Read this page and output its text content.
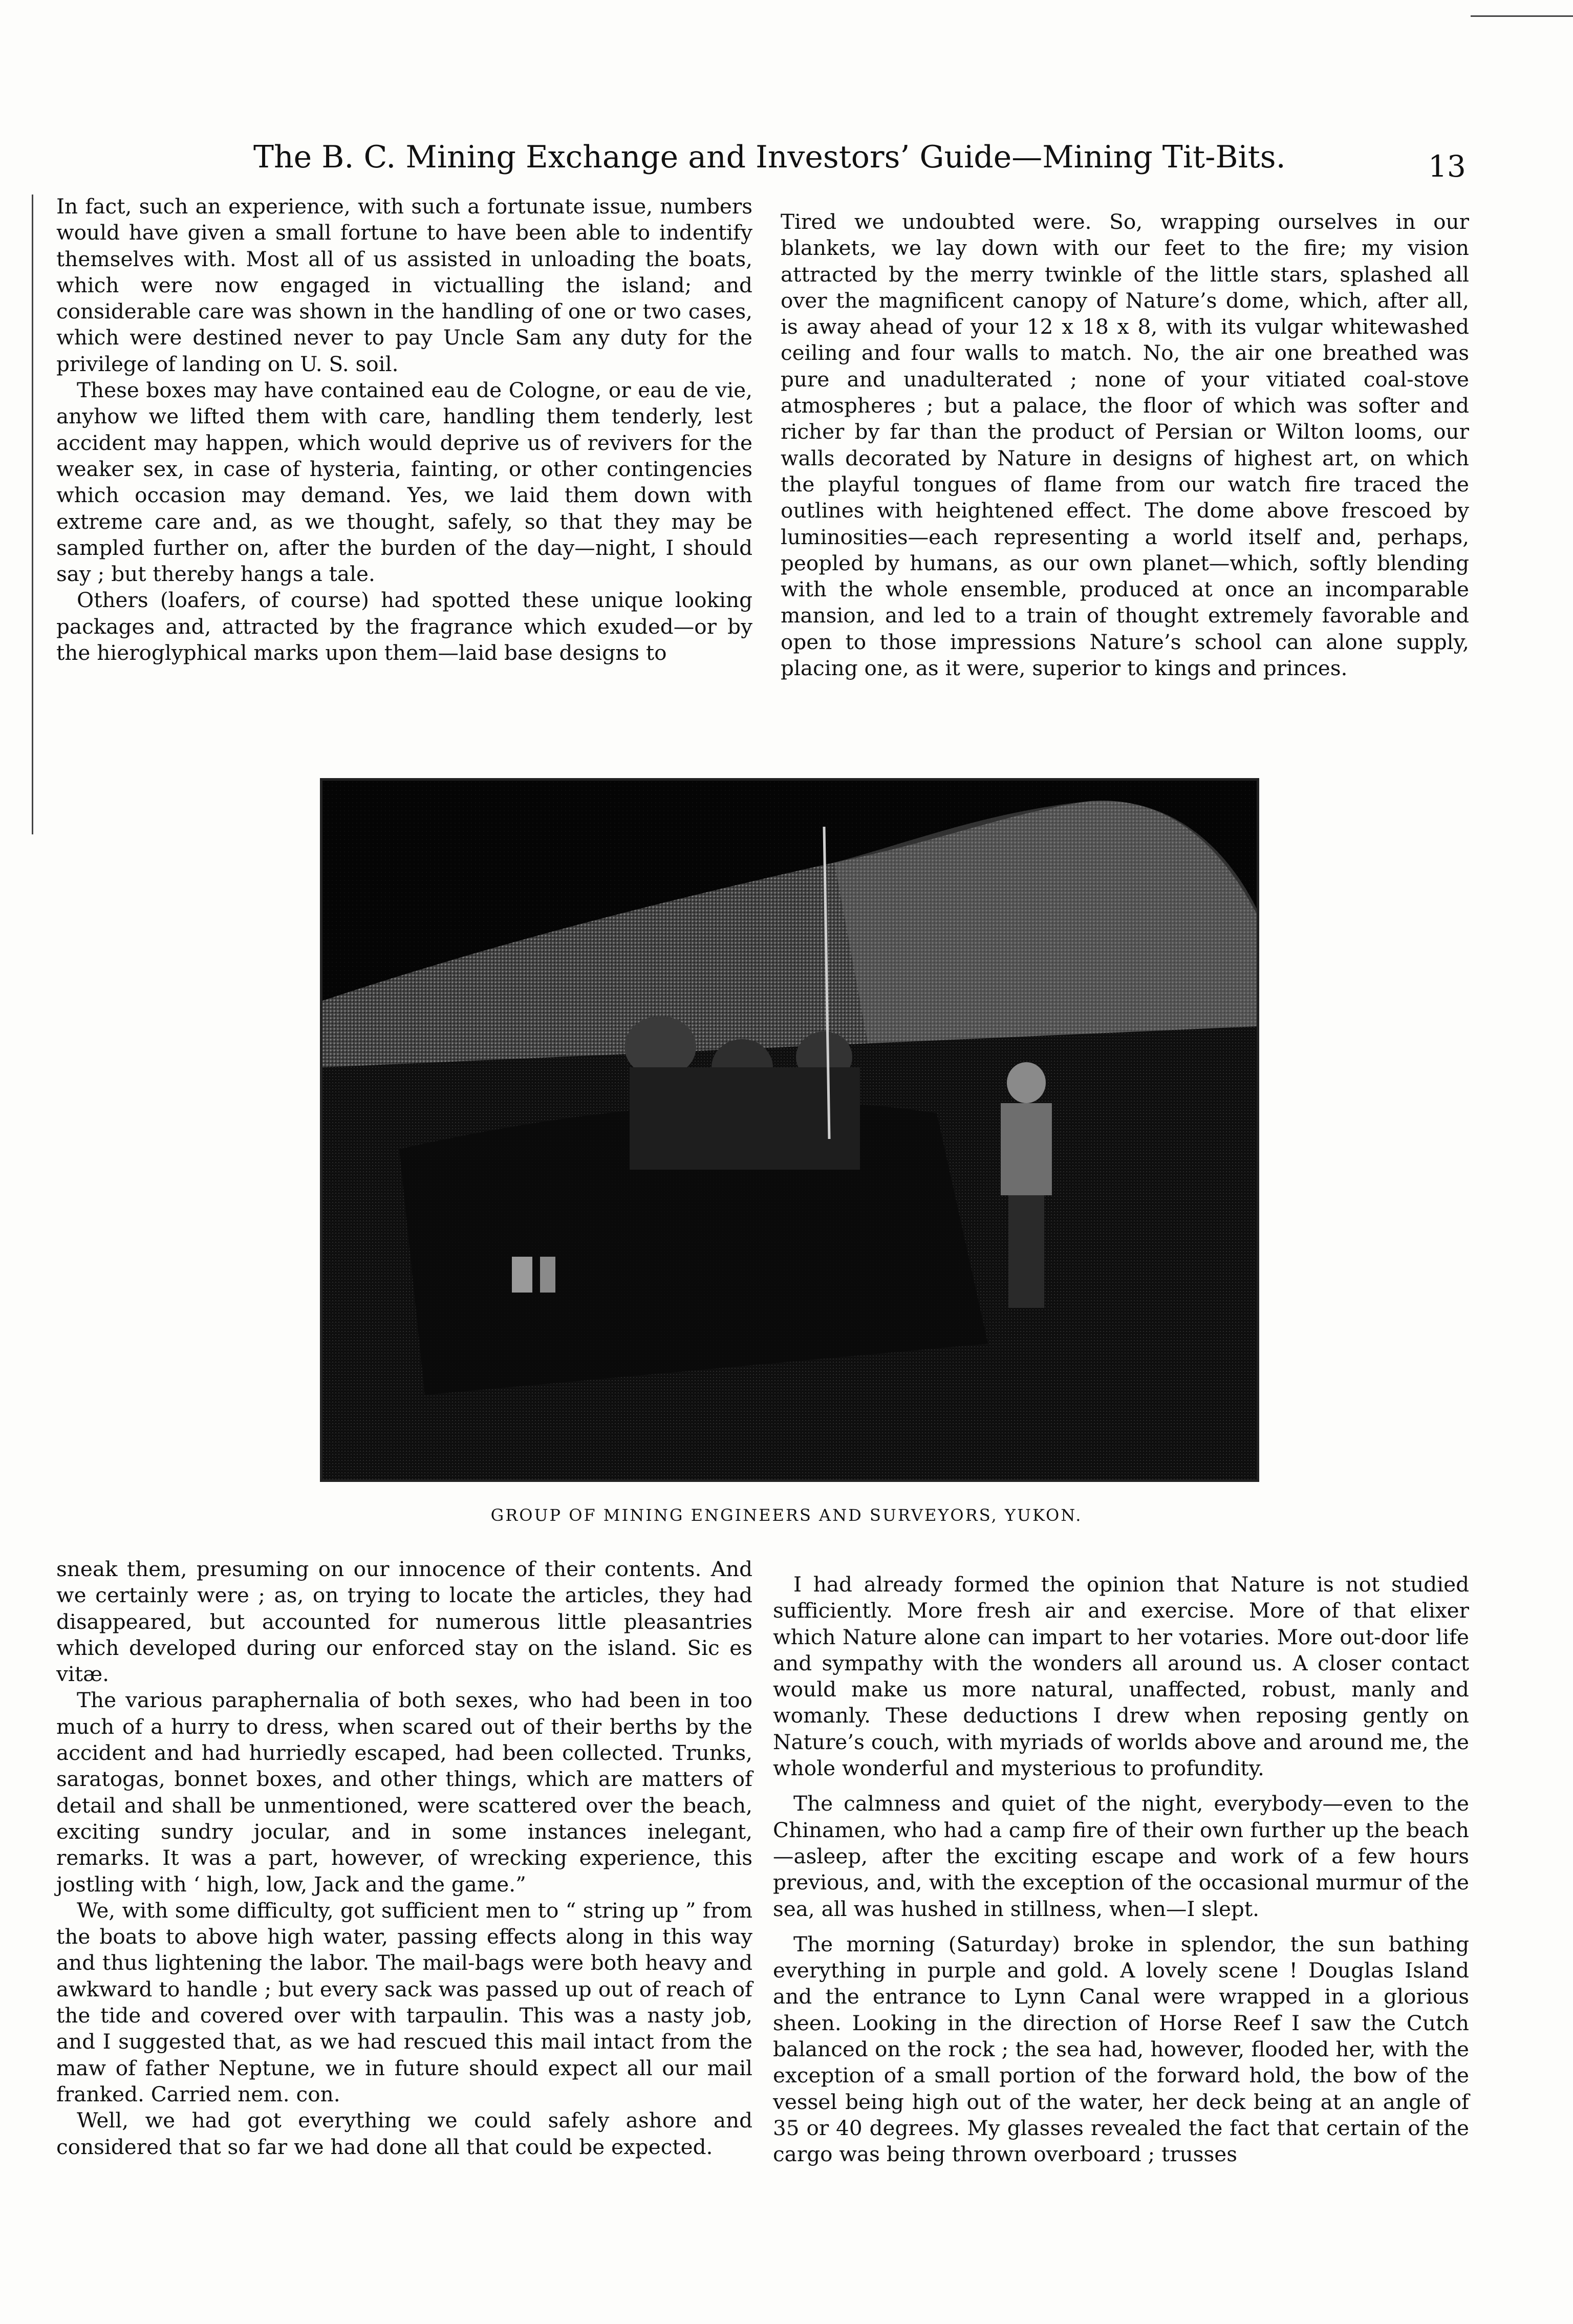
The B. C. Mining Exchange and Investors’ Guide—Mining Tit-Bits.	13

In fact, such an experience, with such a fortunate issue, numbers would have given a small fortune to have been able to indentify themselves with. Most all of us assisted in unloading the boats, which were now engaged in victualling the island; and considerable care was shown in the handling of one or two cases, which were destined never to pay Uncle Sam any duty for the privilege of landing on U. S. soil.

These boxes may have contained eau de Cologne, or eau de vie, anyhow we lifted them with care, handling them tenderly, lest accident may happen, which would deprive us of revivers for the weaker sex, in case of hysteria, fainting, or other contingencies which occasion may demand. Yes, we laid them down with extreme care and, as we thought, safely, so that they may be sampled further on, after the burden of the day—night, I should say ; but thereby hangs a tale.

Others (loafers, of course) had spotted these unique looking packages and, attracted by the fragrance which exuded—or by the hieroglyphical marks upon them—laid base designs to

Tired we undoubted were. So, wrapping ourselves in our blankets, we lay down with our feet to the fire; my vision attracted by the merry twinkle of the little stars, splashed all over the magnificent canopy of Nature’s dome, which, after all, is away ahead of your 12 x 18 x 8, with its vulgar whitewashed ceiling and four walls to match. No, the air one breathed was pure and unadulterated ; none of your vitiated coal-stove atmospheres ; but a palace, the floor of which was softer and richer by far than the product of Persian or Wilton looms, our walls decorated by Nature in designs of highest art, on which the playful tongues of flame from our watch fire traced the outlines with heightened effect. The dome above frescoed by luminosities—each representing a world itself and, perhaps, peopled by humans, as our own planet—which, softly blending with the whole ensemble, produced at once an incomparable mansion, and led to a train of thought extremely favorable and open to those impressions Nature’s school can alone supply, placing one, as it were, superior to kings and princes.

GROUP OF MINING ENGINEERS AND SURVEYORS, YUKON.

sneak them, presuming on our innocence of their contents. And we certainly were ; as, on trying to locate the articles, they had disappeared, but accounted for numerous little pleasantries which developed during our enforced stay on the island. Sic es vitæ.

The various paraphernalia of both sexes, who had been in too much of a hurry to dress, when scared out of their berths by the accident and had hurriedly escaped, had been collected. Trunks, saratogas, bonnet boxes, and other things, which are matters of detail and shall be unmentioned, were scattered over the beach, exciting sundry jocular, and in some instances inelegant, remarks. It was a part, however, of wrecking experience, this jostling with ‘ high, low, Jack and the game.”

We, with some difficulty, got sufficient men to “ string up ” from the boats to above high water, passing effects along in this way and thus lightening the labor. The mail-bags were both heavy and awkward to handle ; but every sack was passed up out of reach of the tide and covered over with tarpaulin. This was a nasty job, and I suggested that, as we had rescued this mail intact from the maw of father Neptune, we in future should expect all our mail franked. Carried nem. con.

Well, we had got everything we could safely ashore and considered that so far we had done all that could be expected.

I had already formed the opinion that Nature is not studied sufficiently. More fresh air and exercise. More of that elixer which Nature alone can impart to her votaries. More out-door life and sympathy with the wonders all around us. A closer contact would make us more natural, unaffected, robust, manly and womanly. These deductions I drew when reposing gently on Nature’s couch, with myriads of worlds above and around me, the whole wonderful and mysterious to profundity.

The calmness and quiet of the night, everybody—even to the Chinamen, who had a camp fire of their own further up the beach—asleep, after the exciting escape and work of a few hours previous, and, with the exception of the occasional murmur of the sea, all was hushed in stillness, when—I slept.

The morning (Saturday) broke in splendor, the sun bathing everything in purple and gold. A lovely scene ! Douglas Island and the entrance to Lynn Canal were wrapped in a glorious sheen. Looking in the direction of Horse Reef I saw the Cutch balanced on the rock ; the sea had, however, flooded her, with the exception of a small portion of the forward hold, the bow of the vessel being high out of the water, her deck being at an angle of 35 or 40 degrees. My glasses revealed the fact that certain of the cargo was being thrown overboard ; trusses
